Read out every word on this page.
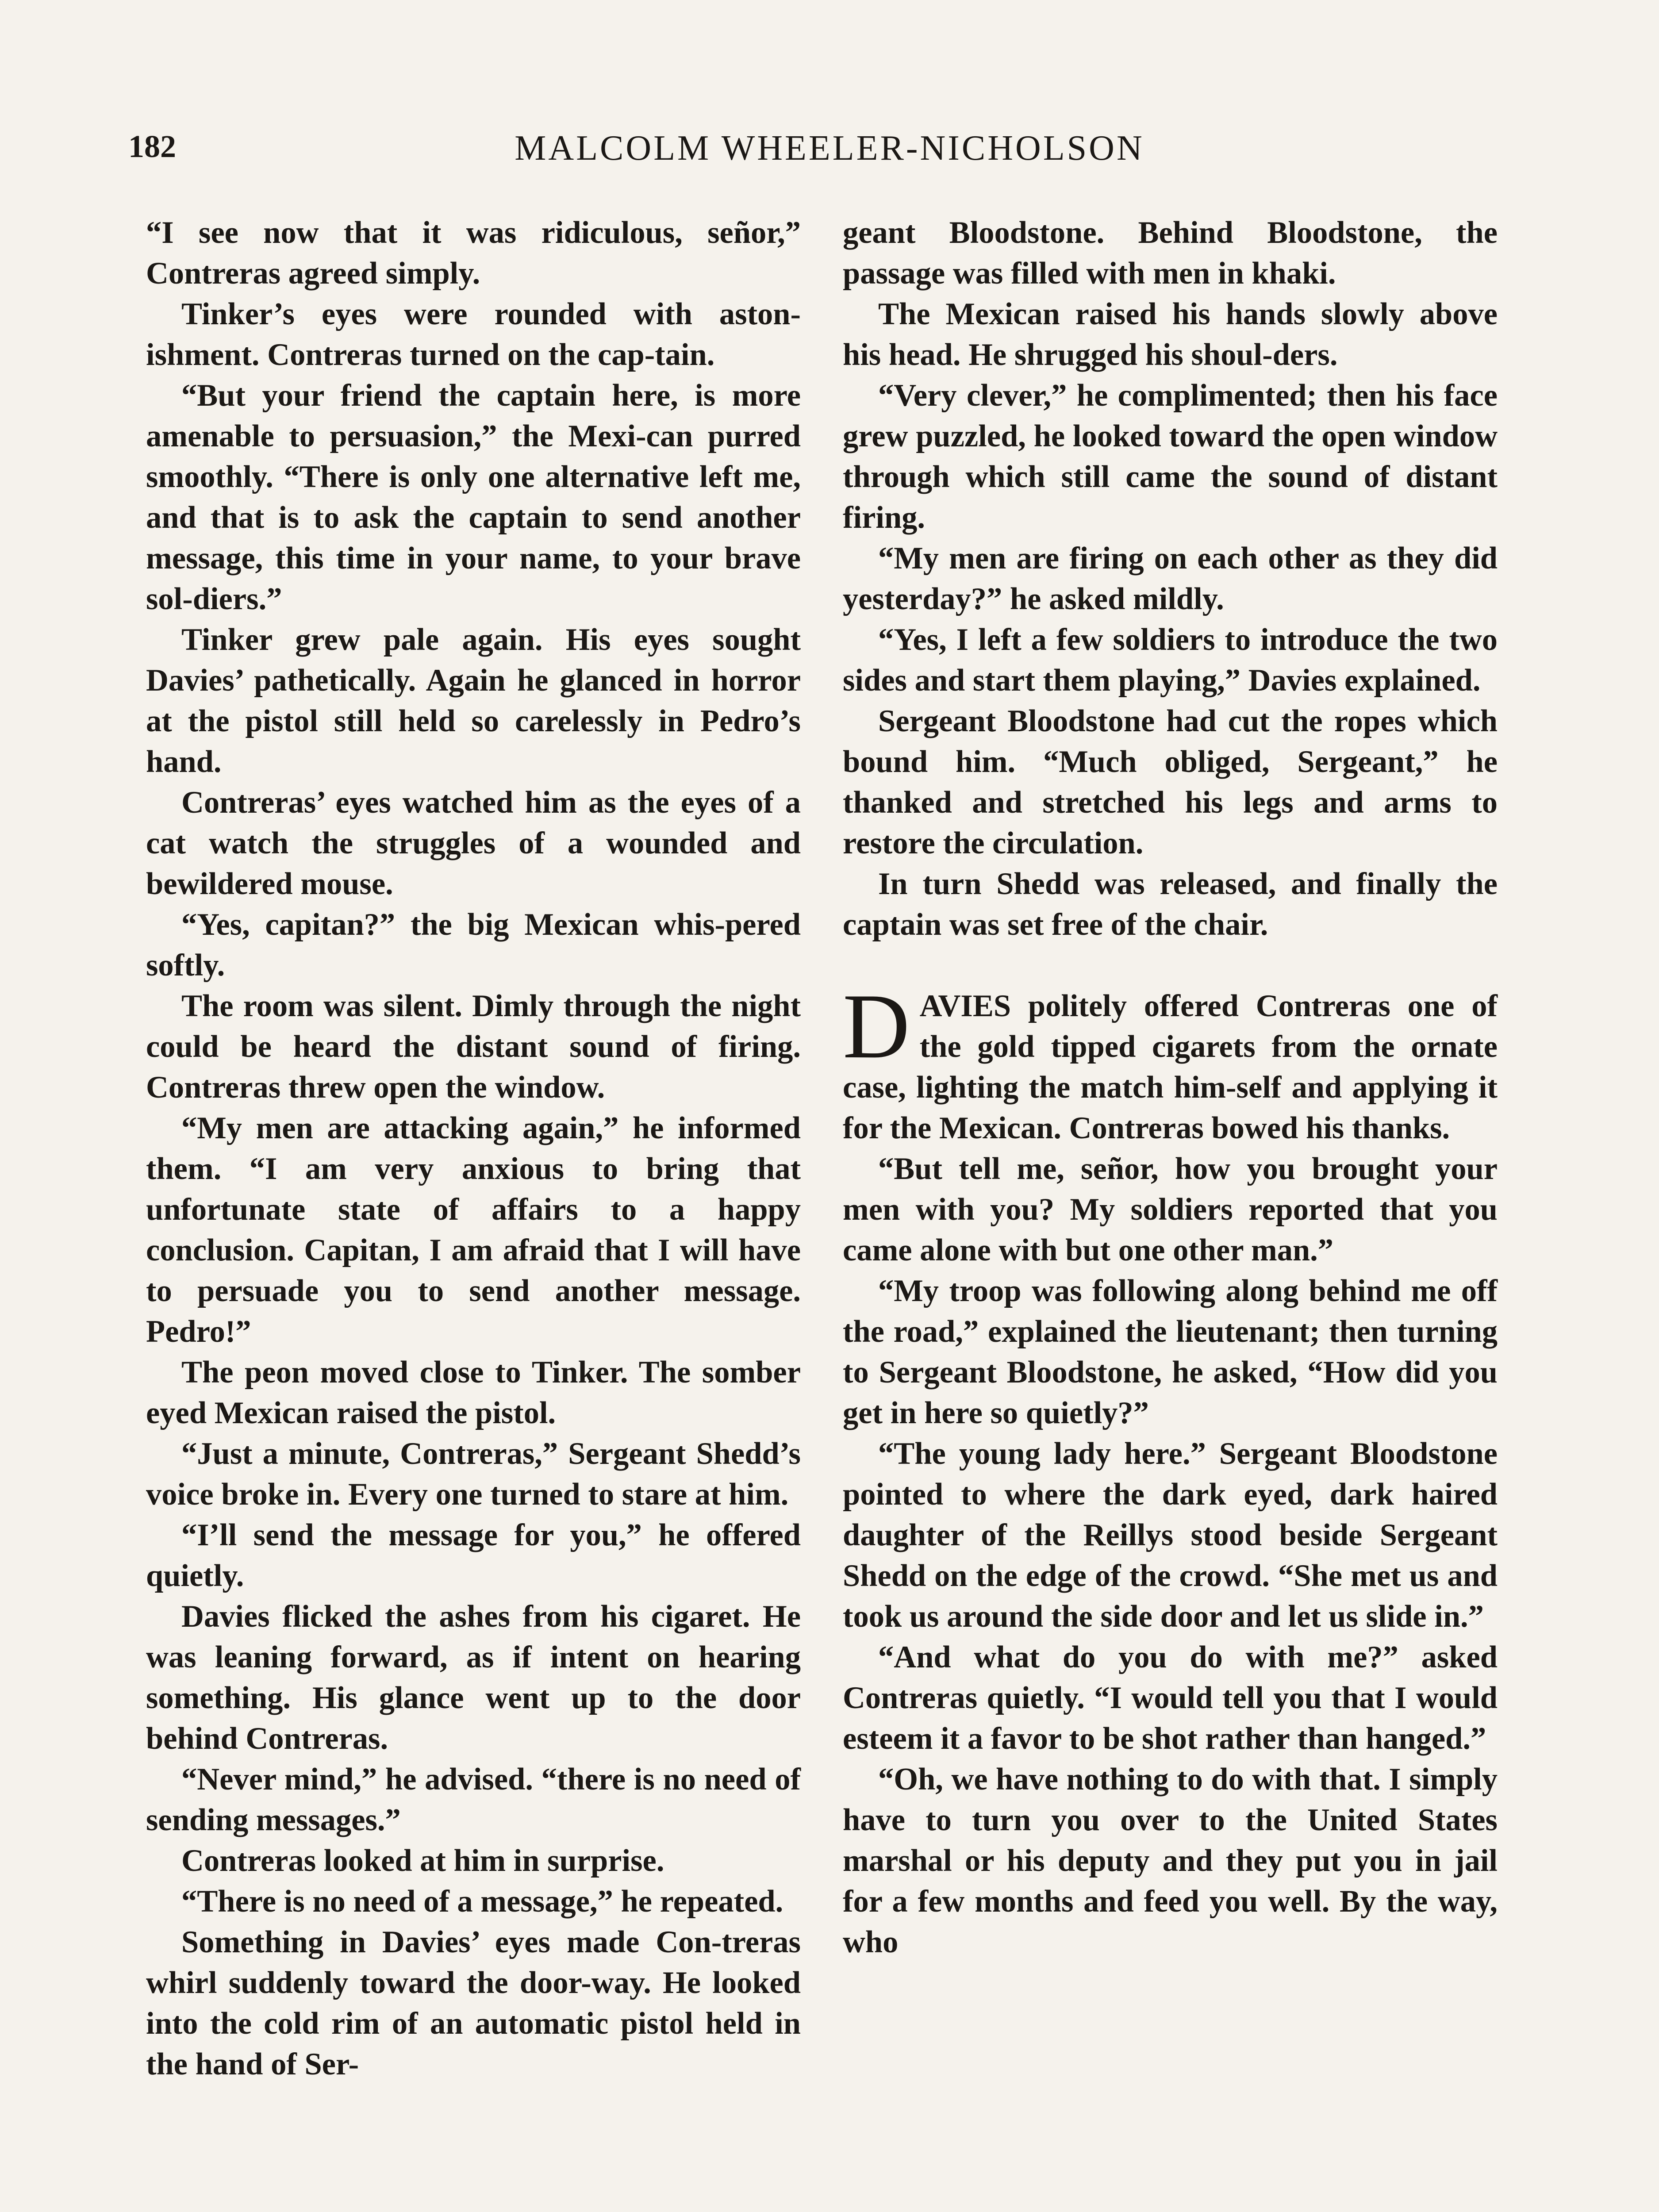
182	MALCOLM WHEELER-NICHOLSON

“I see now that it was ridiculous, señor,” Contreras agreed simply.

Tinker’s eyes were rounded with aston-ishment. Contreras turned on the cap-tain.

“But your friend the captain here, is more amenable to persuasion,” the Mexi-can purred smoothly. “There is only one alternative left me, and that is to ask the captain to send another message, this time in your name, to your brave sol-diers.”

Tinker grew pale again. His eyes sought Davies’ pathetically. Again he glanced in horror at the pistol still held so carelessly in Pedro’s hand.

Contreras’ eyes watched him as the eyes of a cat watch the struggles of a wounded and bewildered mouse.

“Yes, capitan?” the big Mexican whis-pered softly.

The room was silent. Dimly through the night could be heard the distant sound of firing. Contreras threw open the window.

“My men are attacking again,” he informed them. “I am very anxious to bring that unfortunate state of affairs to a happy conclusion. Capitan, I am afraid that I will have to persuade you to send another message. Pedro!”

The peon moved close to Tinker. The somber eyed Mexican raised the pistol.

“Just a minute, Contreras,” Sergeant Shedd’s voice broke in. Every one turned to stare at him.

“I’ll send the message for you,” he offered quietly.

Davies flicked the ashes from his cigaret. He was leaning forward, as if intent on hearing something. His glance went up to the door behind Contreras.

“Never mind,” he advised. “there is no need of sending messages.”

Contreras looked at him in surprise.

“There is no need of a message,” he repeated.

Something in Davies’ eyes made Con-treras whirl suddenly toward the door-way. He looked into the cold rim of an automatic pistol held in the hand of Ser-

geant Bloodstone. Behind Bloodstone, the passage was filled with men in khaki.

The Mexican raised his hands slowly above his head. He shrugged his shoul-ders.

“Very clever,” he complimented; then his face grew puzzled, he looked toward the open window through which still came the sound of distant firing.

“My men are firing on each other as they did yesterday?” he asked mildly.

“Yes, I left a few soldiers to introduce the two sides and start them playing,” Davies explained.

Sergeant Bloodstone had cut the ropes which bound him. “Much obliged, Sergeant,” he thanked and stretched his legs and arms to restore the circulation.

In turn Shedd was released, and finally the captain was set free of the chair.

DAVIES politely offered Contreras one of the gold tipped cigarets from the ornate case, lighting the match him-self and applying it for the Mexican. Contreras bowed his thanks.

“But tell me, señor, how you brought your men with you? My soldiers reported that you came alone with but one other man.”

“My troop was following along behind me off the road,” explained the lieutenant; then turning to Sergeant Bloodstone, he asked, “How did you get in here so quietly?”

“The young lady here.” Sergeant Bloodstone pointed to where the dark eyed, dark haired daughter of the Reillys stood beside Sergeant Shedd on the edge of the crowd. “She met us and took us around the side door and let us slide in.”

“And what do you do with me?” asked Contreras quietly. “I would tell you that I would esteem it a favor to be shot rather than hanged.”

“Oh, we have nothing to do with that. I simply have to turn you over to the United States marshal or his deputy and they put you in jail for a few months and feed you well. By the way, who
